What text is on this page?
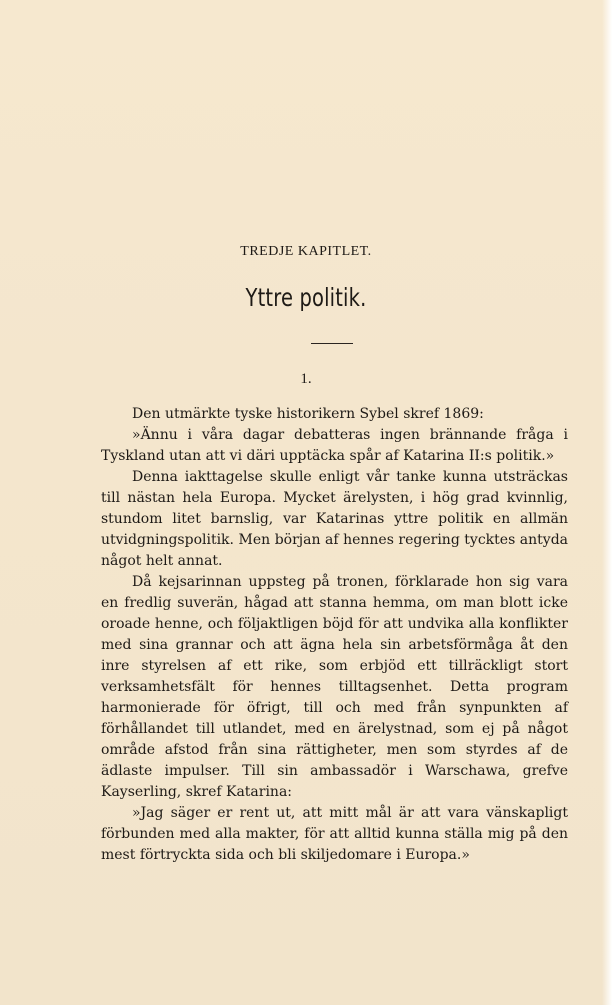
TREDJE KAPITLET.
Yttre politik.
1.

Den utmärkte tyske historikern Sybel skref 1869:

»Ännu i våra dagar debatteras ingen brännande fråga i Tyskland utan att vi däri upptäcka spår af Katarina II:s politik.»

Denna iakttagelse skulle enligt vår tanke kunna utsträckas till nästan hela Europa. Mycket ärelysten, i hög grad kvinnlig, stundom litet barnslig, var Katarinas yttre politik en allmän utvidgningspolitik. Men början af hennes regering tycktes antyda något helt annat.

Då kejsarinnan uppsteg på tronen, förklarade hon sig vara en fredlig suverän, hågad att stanna hemma, om man blott icke oroade henne, och följaktligen böjd för att undvika alla konflikter med sina grannar och att ägna hela sin arbetsförmåga åt den inre styrelsen af ett rike, som erbjöd ett tillräckligt stort verksamhetsfält för hennes tilltagsenhet. Detta program harmonierade för öfrigt, till och med från synpunkten af förhållandet till utlandet, med en ärelystnad, som ej på något område afstod från sina rättigheter, men som styrdes af de ädlaste impulser. Till sin ambassadör i Warschawa, grefve Kayserling, skref Katarina:

»Jag säger er rent ut, att mitt mål är att vara vänskapligt förbunden med alla makter, för att alltid kunna ställa mig på den mest förtryckta sida och bli skiljedomare i Europa.»
